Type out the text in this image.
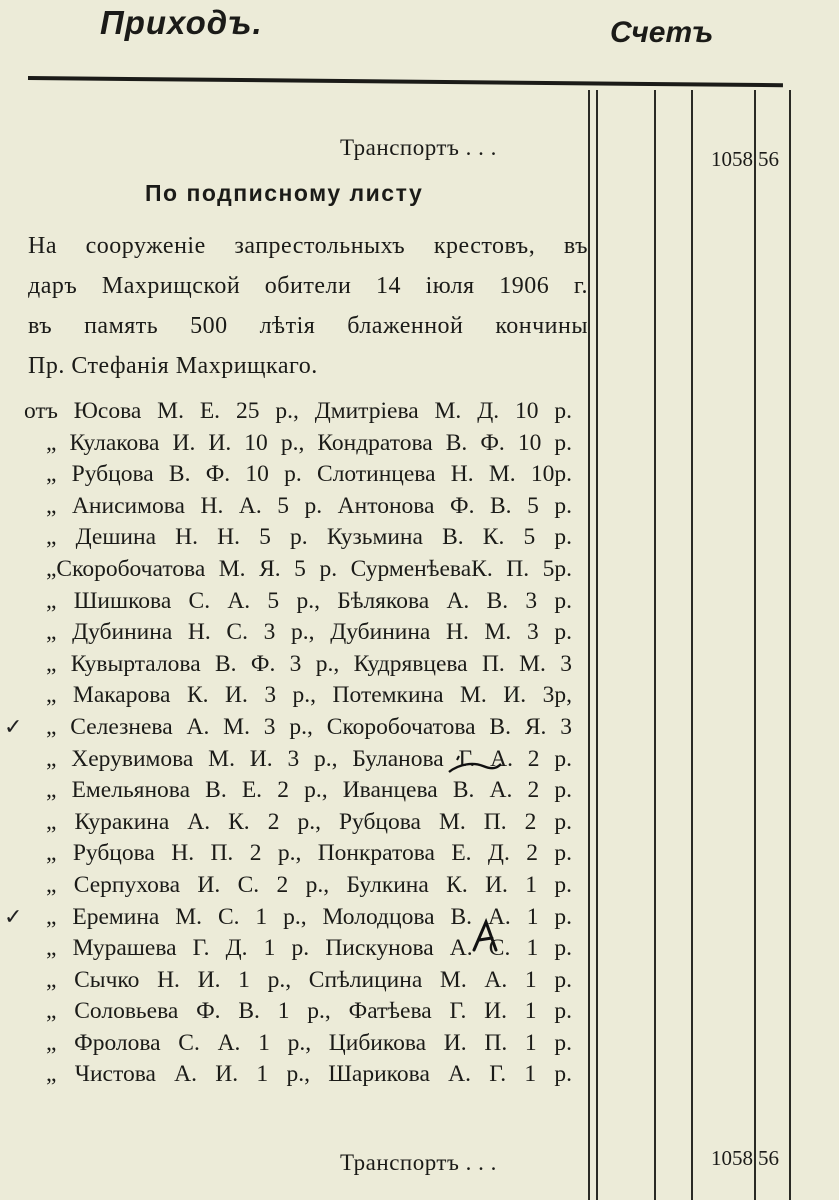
Приходъ.	Счетъ
Транспортъ . . .	1058 56
По подписному листу
На сооруженіе запрестольныхъ крестовъ, въ
даръ Махрищской обители 14 іюля 1906 г.
въ память 500 лѣтія блаженной кончины
Пр. Стефанія Махрищкаго.
отъ Юсова М. Е. 25 р., Дмитріева М. Д. 10 р.
„ Кулакова И. И. 10 р., Кондратова В. Ф. 10 р.
„ Рубцова В. Ф. 10 р. Слотинцева Н. М. 10р.
„ Анисимова Н. А. 5 р. Антонова Ф. В. 5 р.
„ Дешина Н. Н. 5 р. Кузьмина В. К. 5 р.
„Скоробочатова М. Я. 5 р. СурменѣеваК. П. 5р.
„ Шишкова С. А. 5 р., Бѣлякова А. В. 3 р.
„ Дубинина Н. С. 3 р., Дубинина Н. М. 3 р.
„ Кувырталова В. Ф. 3 р., Кудрявцева П. М. 3
„ Макарова К. И. 3 р., Потемкина М. И. 3р,
✓ „ Селезнева А. М. 3 р., Скоробочатова В. Я. 3
„ Херувимова М. И. 3 р., Буланова Г. А. 2 р.
„ Емельянова В. Е. 2 р., Иванцева В. А. 2 р.
„ Куракина А. К. 2 р., Рубцова М. П. 2 р.
„ Рубцова Н. П. 2 р., Понкратова Е. Д. 2 р.
„ Серпухова И. С. 2 р., Булкина К. И. 1 р.
✓ „ Еремина М. С. 1 р., Молодцова В. А. 1 р.
„ Мурашева Г. Д. 1 р. Пискунова А. С. 1 р.
„ Сычко Н. И. 1 р., Спѣлицина М. А. 1 р.
„ Соловьева Ф. В. 1 р., Фатѣева Г. И. 1 р.
„ Фролова С. А. 1 р., Цибикова И. П. 1 р.
„ Чистова А. И. 1 р., Шарикова А. Г. 1 р.
Транспортъ . . .	1058 56
